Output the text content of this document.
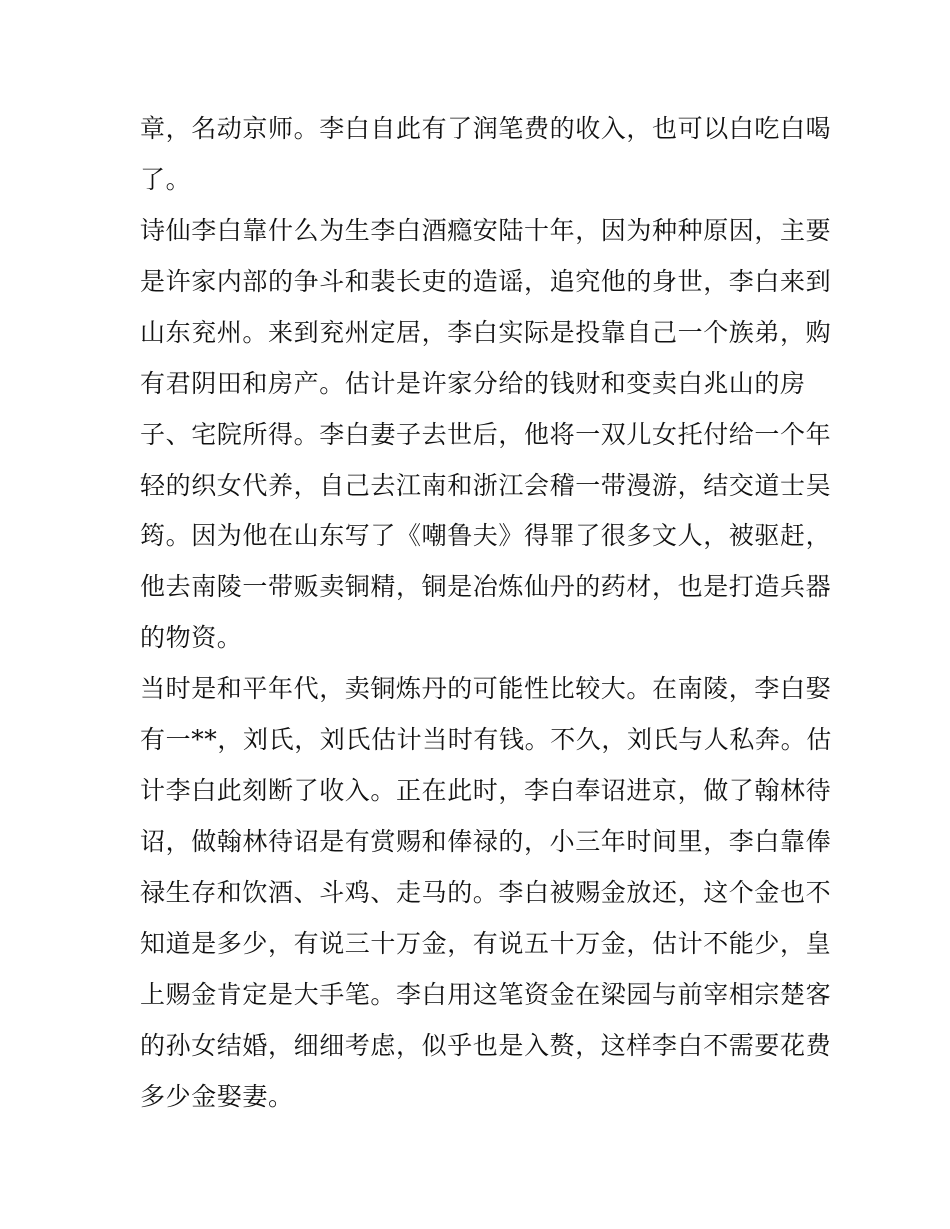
章，名动京师。李白自此有了润笔费的收入，也可以白吃白喝
了。
诗仙李白靠什么为生李白酒瘾安陆十年，因为种种原因，主要
是许家内部的争斗和裴长吏的造谣，追究他的身世，李白来到
山东兖州。来到兖州定居，李白实际是投靠自己一个族弟，购
有君阴田和房产。估计是许家分给的钱财和变卖白兆山的房
子、宅院所得。李白妻子去世后，他将一双儿女托付给一个年
轻的织女代养，自己去江南和浙江会稽一带漫游，结交道士吴
筠。因为他在山东写了《嘲鲁夫》得罪了很多文人，被驱赶，
他去南陵一带贩卖铜精，铜是冶炼仙丹的药材，也是打造兵器
的物资。
当时是和平年代，卖铜炼丹的可能性比较大。在南陵，李白娶
有一**，刘氏，刘氏估计当时有钱。不久，刘氏与人私奔。估
计李白此刻断了收入。正在此时，李白奉诏进京，做了翰林待
诏，做翰林待诏是有赏赐和俸禄的，小三年时间里，李白靠俸
禄生存和饮酒、斗鸡、走马的。李白被赐金放还，这个金也不
知道是多少，有说三十万金，有说五十万金，估计不能少，皇
上赐金肯定是大手笔。李白用这笔资金在梁园与前宰相宗楚客
的孙女结婚，细细考虑，似乎也是入赘，这样李白不需要花费
多少金娶妻。
